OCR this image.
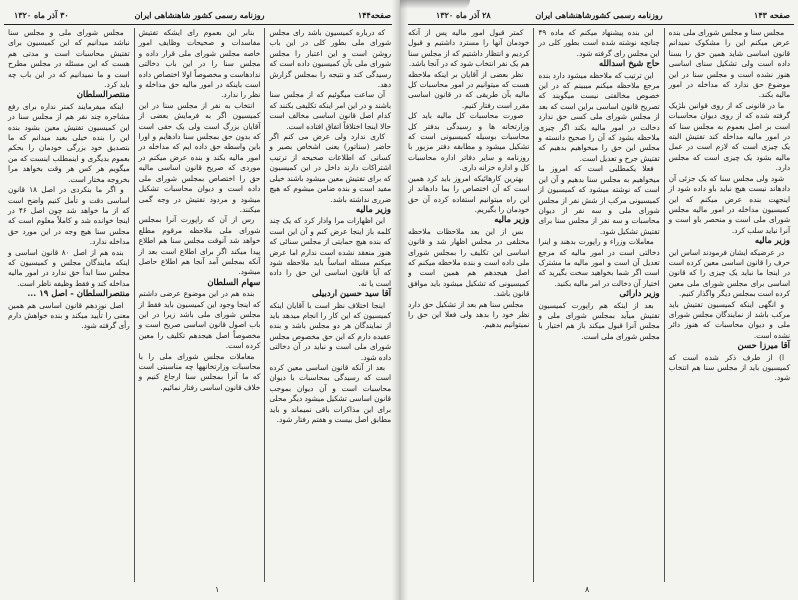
صفحه۱۴۴
روزنامه رسمی کشور شاهنشاهی ایران
۳۰ آذر ماه ۱۳۲۰

که درباره کمیسیون باشد رای مجلس شورای ملی بطور کلی در این باب روشن است و این اعتبار را مجلس شورای ملی بآن کمیسیون داده است که رسیدگی کند و نتیجه را بمجلس گزارش دهد.

آن ساعت میگوئیم که از مجلس سنا باشند و در این امر اینکه تکلیفی بکنند که کدام اصل قانون اساسی مخالف است حالا اینجا اختلافاً اتفاق افتاده است.

کاری ندارد ولی عرض می کنم اگر حاضر (سناتور) یعنی اشخاص بصیر و کسانی که اطلاعات صحیحه از ترتیب اشتراکات دارند داخل در این کمیسیون که برای تفتیش معین میشود باشند خیلی مفید است و بنده ضامن میشوم که هیچ ضرری نداشته باشد.

وزیر مالیه

این اظهارات مرا وادار کرد که یک چند کلمه باز اینجا عرض کنم و آن این است که بنده هیچ حمایتی از مجلس سنائی که هنوز منعقد نشده است ندارم اما عرض میکنم مسئله اساساً باید ملاحظه شود که آیا قانون اساسی این حق را داده است یا نه.

آقا سید حسین اردبیلی

اینجا اختلاف نظر است با آقایان اینکه کمیسیون که این کار را انجام میدهد باید از نمایندگان هر دو مجلس باشد و بنده عقیده دارم که این حق مخصوص مجلس شورای ملی است و نباید در آن دخالتی داده شود.

بعد از آنکه قانون اساسی معین کرده است که رسیدگی بمحاسبات با دیوان محاسبات است و آن دیوان بموجب قانون اساسی تشکیل میشود دیگر محلی برای این مذاکرات باقی نمیماند و باید مطابق اصل بیست و هفتم رفتار شود.

بنابر این بعموم رای ایشکه تفتیش مفاسدات و صحیحات وظایف امور خاصه مجلس شورای ملی قرار داده و مجلس سنا را در این باب دخالتی ندادهاست و مخصوصاً اولا اختصاص داده است باینکه در امور مالیه حق مداخله و نظر را ندارد.

انتخاب به نفر از مجلس سنا در این کمیسیون اگر به فرمایش بعضی از آقایان بزرگ است ولی یک حقی است که بدون حق بمجلس سنا دادهایم و اورا باین واسطه حق داده ایم که مداخله در امور مالیه بکند و بنده عرض میکنم در موردی که صریح قانون اساسی مالیه حق را اختصاص بمجلس شورای ملی داده است و دیوان محاسبات تشکیل میشود و مردود تفتیش در وجه گمی میکنند.

رس از آن که راپورت آنرا بمجلس شورای ملی ملاحظه مرقوم مطلع خواهد شد آنوقت مجلس سنا هم اطلاع پیدا میکند اگر برای اطلاع است بعد از آنکه بمجلس آمد آنجا هم اطلاع حاصل میشود.

سهام السلطان

بنده هم در این موضوع عرضی داشتم که اینجا وجود این کمیسیون باید فقط از مجلس شورای ملی باشد زیرا در این باب اصول قانون اساسی صریح است و مخصوصاً اصل هیجدهم تکلیف را معین کرده است.

معاملات مجلس شورای ملی را با محاسبات وزارتخانهها چه مناسبتی است که ما آنرا بمجلس سنا ارجاع کنیم و خلاف قانون اساسی رفتار نمائیم.

مجلس شورای ملی و مجلس سنا نباشد میدانیم که این کمیسیون برای تفتیش محاسبات است و مدتی هم هست که این مسئله در مجلس مطرح است و ما نمیدانیم که در این باب چه باید کرد.

منتصرالسلطان

اینکه میفرمایند کمتر نداره برای رفع مشاجره چند نفر هم از مجلس سنا در این کمیسیون تفتیش معین بشود بنده این را بنده خیلی بعید میدانم که ما بتصدیق خود بزرگی خودمان را بحکم بعموم بدیگری و اینمطلب اینست که من میگویم هر کس هر وقت بخواهد مرا بخروجه مختار است.

و اگر ما بنکردی در اصل ۱۸ قانون اساسی دقت و تأمل کنیم واضح است که از ما خواهد شد چون اصل ۴۶ در اینجا خوانده شد و کاملاً معلوم است که مجلس سنا هیچ وجه در این مورد حق مداخله ندارد.

بنده هم از اصل ۸۰ قانون اساسی و اینکه مایندگان مجلس و کمیسیون که مجلس سنا ابداً حق ندارد در امور مالیه مداخله کند و فقط وظیفه ناظر است.

منتصرالسلطان - اصل ۱۹ ...

اصل نوزدهم قانون اساسی هم همین معنی را تأیید میکند و بنده خواهش دارم رأی گرفته شود.

۱
صفحه ۱۴۳
روزنامه رسمی کشورشاهنشاهی ایران
۲۸ آذر ماه ۱۳۲۰

مجلس سنا و مجلس شورای ملی بنده عرض میکنم این را مشکوک نمیدانم قانون اساسی شاید همین حق را بسنا داده است ولی تشکیل سنای اساسی هنوز نشده است و مجلس سنا در این موضوع حق ندارد که مداخله در امور مالیه بکند.

ما در قانونی که از روی قوانین بلژیک گرفته شده که از روی دیوان محاسبات است بر اصل بعموم به مجلس سنا که در امور مالیه مداخله کند تفتیش البته یک چیزی است که لازم است در عمل مالیه بشود یک چیزی است که مجلس دارد.

شود ولی مجلس سنا که یک جزئی آن دادهاند نیست هیچ نباید باو داده شود از اینجهت بنده عرض میکنم که این کمیسیون مداخله در امور مالیه مجلس شورای ملی است و منحصر باو است و آنرا نباید سلب کرد.

وزیر مالیه

در عرضیکه ایشان فرمودند اساس این حرف را قانون اساسی معین کرده است در اینجا ما نباید یک چیزی را که قانون اساسی برای مجلس شورای ملی معین کرده است بمجلس دیگر واگذار کنیم.

و انگهی اینکه کمیسیون تفتیش باید مرکب باشد از نمایندگان مجلس شورای ملی و دیوان محاسبات که هنوز دائر نشده است.

آقا میرزا حسن

ا) از طرف ذکر شده است که کمیسیون باید از مجلس سنا هم انتخاب شود.

این بنده پیشنهاد میکنم که ماده ۴۹ چنانچه نوشته شده است بطور کلی در این مجلس رای گرفته شود.

حاج شیخ اسدالله

این ترتیب که ملاحظه میشود دارد بنده مرجع ملاحظه میکنم میبینم که در این خصوص مخالفتی نیست میگویند که تصریح قانون اساسی براین است که بعد از مجلس شورای ملی کسی حق ندارد دخالت در امور مالیه بکند اگر چیزی ملاحظه بشود که آن را صحیح دانسته و مجلس این حق را میخواهیم بدهیم که تفتیش جرح و تعدیل است.

فعلا یکمطلبی است که امروز ما میخواهیم به مجلس سنا بدهیم و آن این است که نوشته میشود که کمیسیون از کمیسیونی مرکب از شش نفر از مجلس شورای ملی و سه نفر از دیوان محاسبات و سه نفر از مجلس سنا برای تفتیش تشکیل شود.

معاملات وزراء و راپورت بدهند و اینرا دخالتی است در امور مالیه که مرجع تعدیل آن است و امور مالیه ما مشترک است اگر شما بخواهید سخت بگیرید که اختیار آن دخالت در امر مالیه بکنید.

وزیر دارائی

بعد از اینکه هم راپورت کمیسیون تفتیش میآید بمجلس شورای ملی و مجلس آنرا قبول میکند باز هم اختیار با مجلس شورای ملی است.

کمتر قبول امور مالیه پس از آنکه خودمان آنها را مسترد داشتیم و قبول کردیم و انتظار داشتیم که از مجلس سنا هم یک نفر انتخاب شود که در آنجا باشد.

نظر بعضی از آقایان بر اینکه ملاحظه هست که میتوانیم در امور محاسبات کل مالیه بآن طریقی که در قانون اساسی مقرر است رفتار کنیم.

صورت محاسبات کل مالیه باید کل وزارتخانه ها و رسیدگی بدفتر کل محاسبات بوسیله کمیسیونی است که تشکیل میشود و مطابقه دفتر مزبور با روزنامه و سایر دفاتر اداره محاسبات کل و اداره خزانه داری.

بهترین کارهائیکه امروز باید کرد همین است که آن اختصاص را بما دادهاند از این راه میتوانیم استفاده کرده آن حق خودمان را بگیریم.

وزیر مالیه

بس از این بعد ملاحظات ملاحظه مختلفی در مجلس اظهار شد و قانون اساسی این تکلیف را بمجلس شورای ملی داده است و بنده ملاحظه میکنم که اصل هیجدهم هم همین است و کمیسیونی که تشکیل میشود باید موافق قانون باشد.

مجلس سنا هم بعد از تشکیل حق دارد نظر خود را بدهد ولی فعلا این حق را نمیتوانیم بدهیم.

۸
